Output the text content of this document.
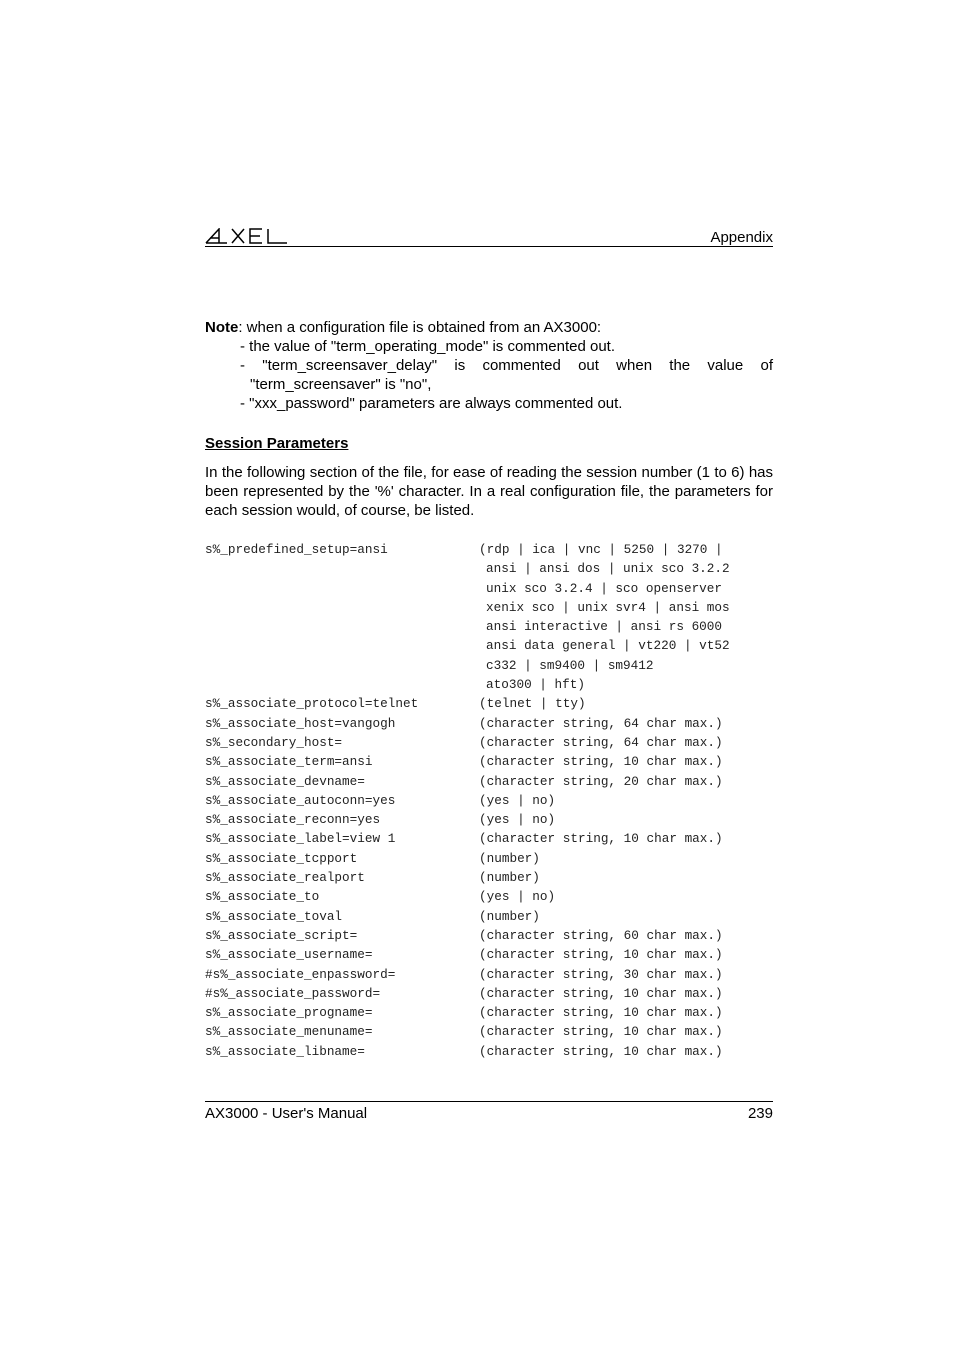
Appendix

Note: when a configuration file is obtained from an AX3000:

- the value of "term_operating_mode" is commented out.
- "term_screensaver_delay" is commented out when the value of "term_screensaver" is "no",
- "xxx_password" parameters are always commented out.
Session Parameters

In the following section of the file, for ease of reading the session number (1 to 6) has been represented by the '%' character. In a real configuration file, the parameters for each session would, of course, be listed.

s%_predefined_setup=ansi	(rdp | ica | vnc | 5250 | 3270 |
ansi | ansi dos | unix sco 3.2.2
unix sco 3.2.4 | sco openserver
xenix sco | unix svr4 | ansi mos
ansi interactive | ansi rs 6000
ansi data general | vt220 | vt52
c332 | sm9400 | sm9412
ato300 | hft)
s%_associate_protocol=telnet	(telnet | tty)
s%_associate_host=vangogh	(character string, 64 char max.)
s%_secondary_host=	(character string, 64 char max.)
s%_associate_term=ansi	(character string, 10 char max.)
s%_associate_devname=	(character string, 20 char max.)
s%_associate_autoconn=yes	(yes | no)
s%_associate_reconn=yes	(yes | no)
s%_associate_label=view 1	(character string, 10 char max.)
s%_associate_tcpport	(number)
s%_associate_realport	(number)
s%_associate_to	(yes | no)
s%_associate_toval	(number)
s%_associate_script=	(character string, 60 char max.)
s%_associate_username=	(character string, 10 char max.)
#s%_associate_enpassword=	(character string, 30 char max.)
#s%_associate_password=	(character string, 10 char max.)
s%_associate_progname=	(character string, 10 char max.)
s%_associate_menuname=	(character string, 10 char max.)
s%_associate_libname=	(character string, 10 char max.)
AX3000 - User's Manual	239
